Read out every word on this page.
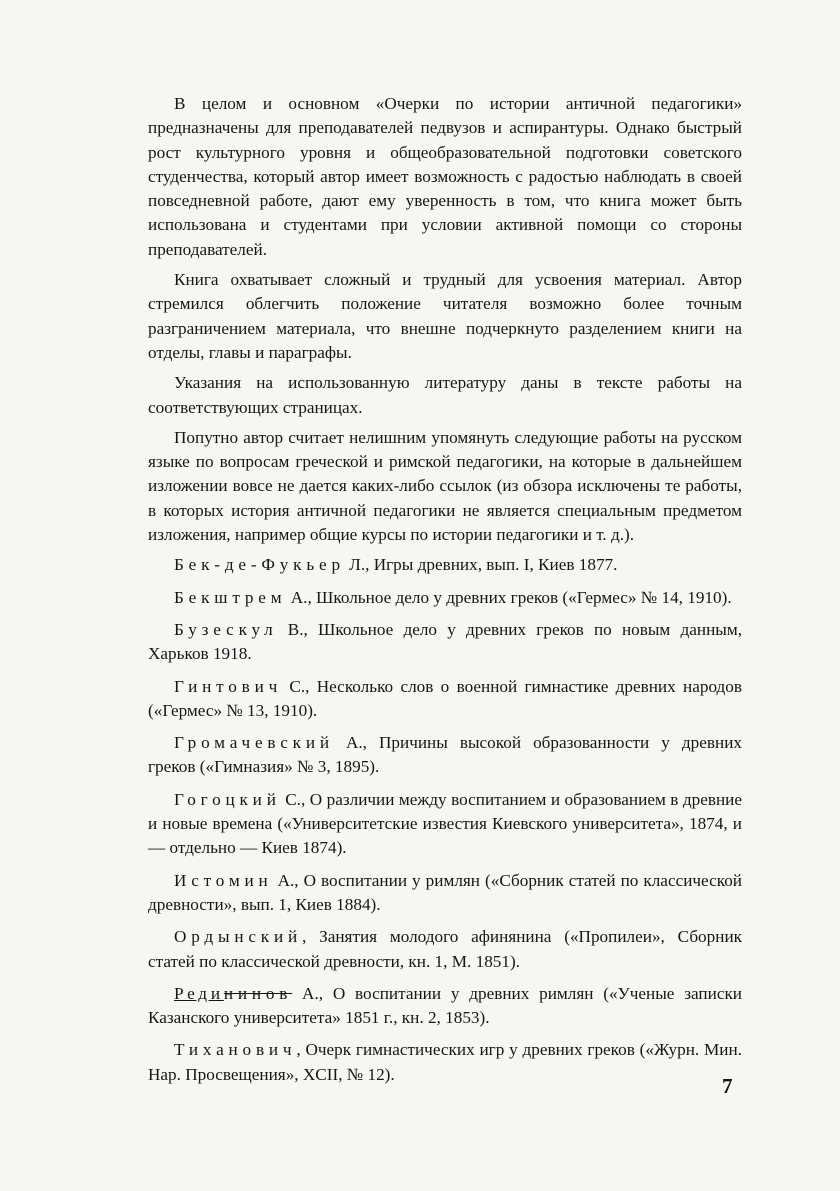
В целом и основном «Очерки по истории античной педагогики» предназначены для преподавателей педвузов и аспирантуры. Однако быстрый рост культурного уровня и общеобразовательной подготовки советского студенчества, который автор имеет возможность с радостью наблюдать в своей повседневной работе, дают ему уверенность в том, что книга может быть использована и студентами при условии активной помощи со стороны преподавателей.

Книга охватывает сложный и трудный для усвоения материал. Автор стремился облегчить положение читателя возможно более точным разграничением материала, что внешне подчеркнуто разделением книги на отделы, главы и параграфы.

Указания на использованную литературу даны в тексте работы на соответствующих страницах.

Попутно автор считает нелишним упомянуть следующие работы на русском языке по вопросам греческой и римской педагогики, на которые в дальнейшем изложении вовсе не дается каких-либо ссылок (из обзора исключены те работы, в которых история античной педагогики не является специальным предметом изложения, например общие курсы по истории педагогики и т. д.).

Бек-де-Фукьер Л., Игры древних, вып. I, Киев 1877.

Бекштрем А., Школьное дело у древних греков («Гермес» № 14, 1910).

Бузескул В., Школьное дело у древних греков по новым данным, Харьков 1918.

Гинтович С., Несколько слов о военной гимнастике древних народов («Гермес» № 13, 1910).

Громачевский А., Причины высокой образованности у древних греков («Гимназия» № 3, 1895).

Гогоцкий С., О различии между воспитанием и образованием в древние и новые времена («Университетские известия Киевского университета», 1874, и — отдельно — Киев 1874).

Истомин А., О воспитании у римлян («Сборник статей по классической древности», вып. 1, Киев 1884).

Ордынский, Занятия молодого афинянина («Пропилеи», Сборник статей по классической древности, кн. 1, М. 1851).

Редининов А., О воспитании у древних римлян («Ученые записки Казанского университета» 1851 г., кн. 2, 1853).

Тиханович, Очерк гимнастических игр у древних греков («Журн. Мин. Нар. Просвещения», XCII, № 12).	7
